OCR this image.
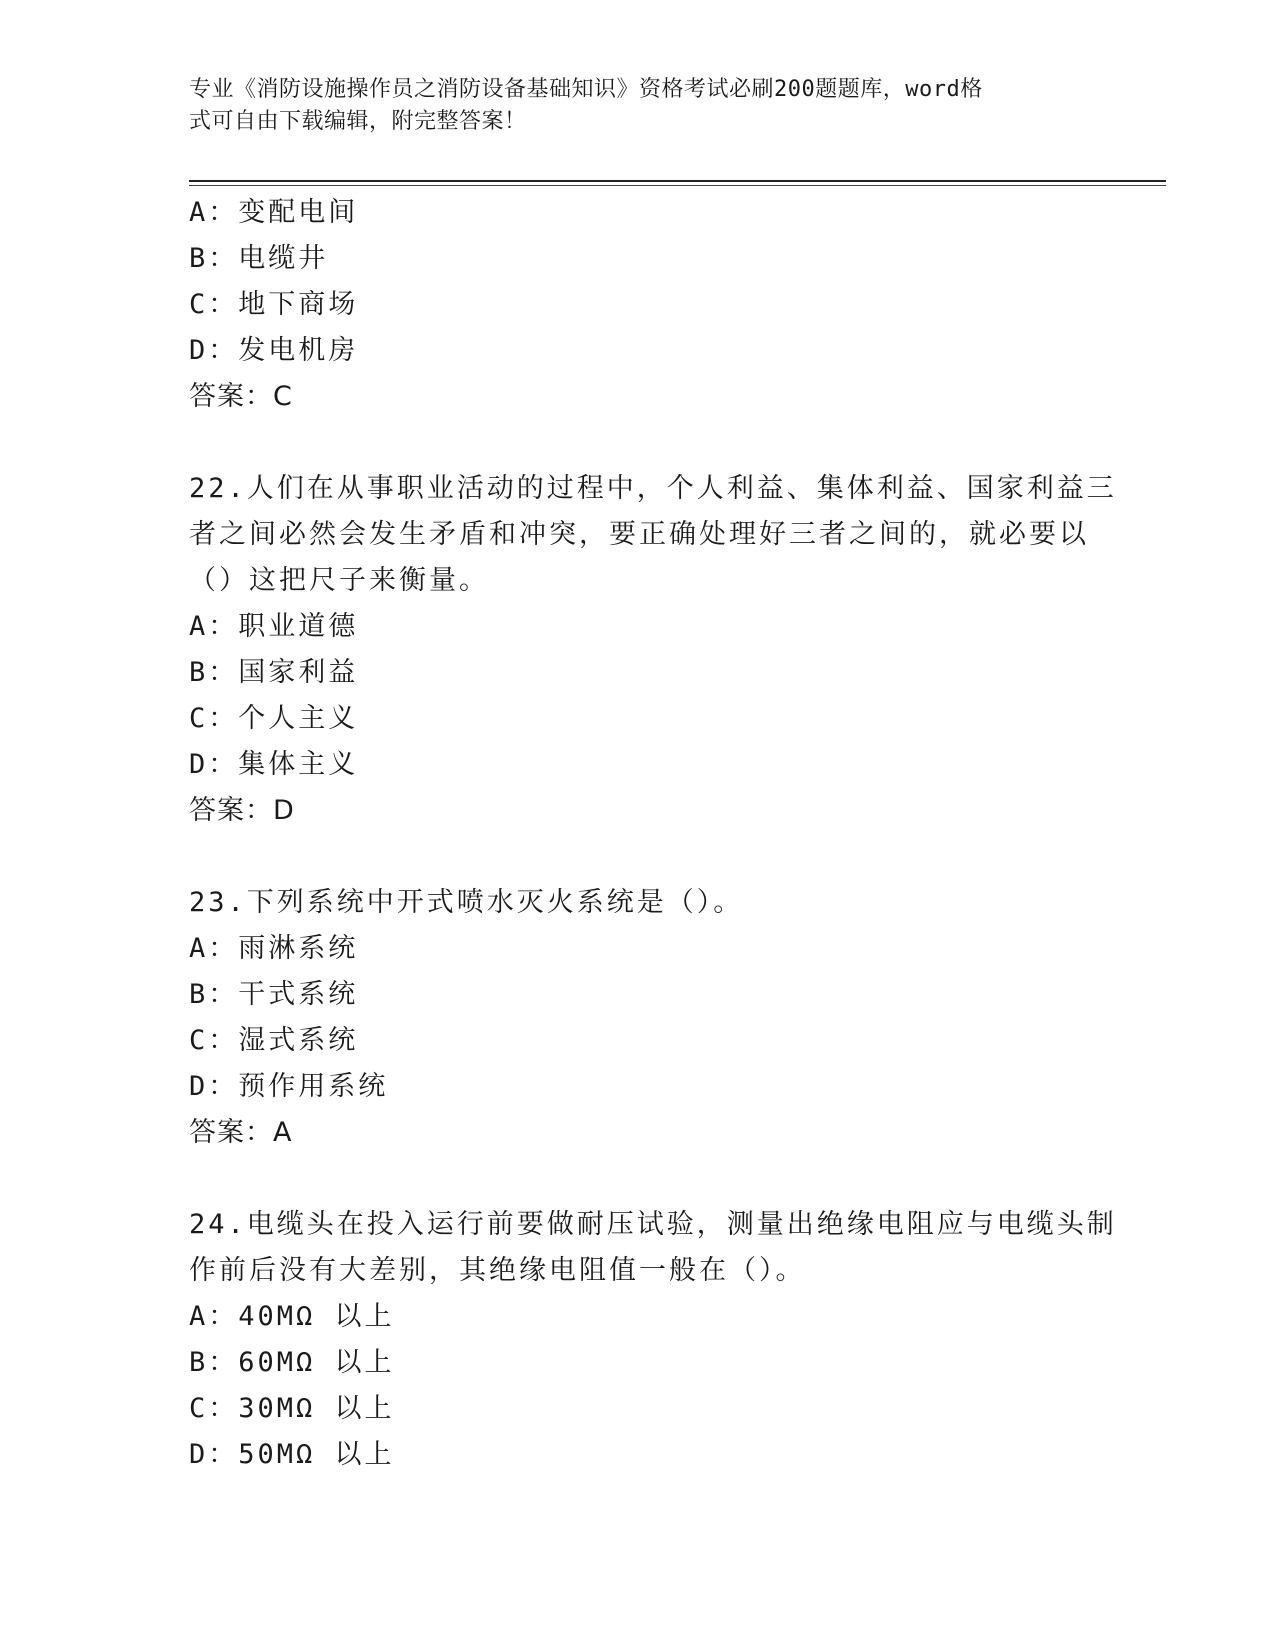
专业《消防设施操作员之消防设备基础知识》资格考试必刷200题题库，word格
式可自由下载编辑，附完整答案！
A：变配电间
B：电缆井
C：地下商场
D：发电机房
答案：C
22.人们在从事职业活动的过程中，个人利益、集体利益、国家利益三
者之间必然会发生矛盾和冲突，要正确处理好三者之间的，就必要以
（）这把尺子来衡量。
A：职业道德
B：国家利益
C：个人主义
D：集体主义
答案：D
23.下列系统中开式喷水灭火系统是（）。
A：雨淋系统
B：干式系统
C：湿式系统
D：预作用系统
答案：A
24.电缆头在投入运行前要做耐压试验，测量出绝缘电阻应与电缆头制
作前后没有大差别，其绝缘电阻值一般在（）。
A：40MΩ 以上
B：60MΩ 以上
C：30MΩ 以上
D：50MΩ 以上
